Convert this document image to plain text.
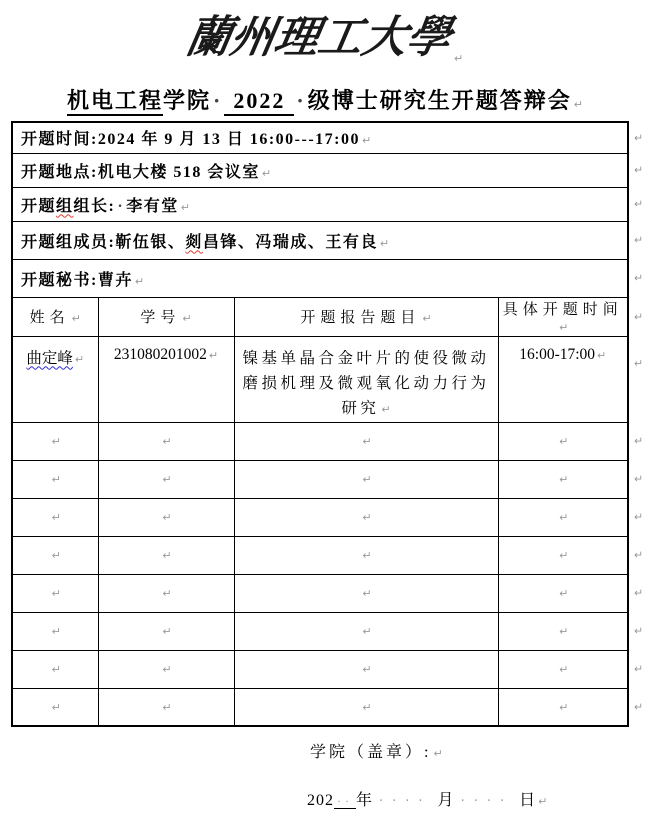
蘭州理工大學
↵
机电工程学院· 2022 ·级博士研究生开题答辩会 ↵
开题时间:2024 年 9 月 13 日 16:00---17:00 ↵ ↵			

开题地点:机电大楼 518 会议室 ↵ ↵			

开题组组长: · 李有堂 ↵ ↵			

开题组成员:靳伍银、剡昌锋、冯瑞成、王有良 ↵ ↵			

开题秘书:曹卉 ↵ ↵			

姓名 ↵	学号 ↵	开题报告题目 ↵	具体开题时间↵
↵

曲定峰 ↵	231080201002 ↵	镍基单晶合金叶片的使役微动磨损机理及微观氧化动力行为研究 ↵	16:00-17:00 ↵
↵

↵	↵	↵	↵ ↵

↵	↵	↵	↵ ↵

↵	↵	↵	↵ ↵

↵	↵	↵	↵ ↵

↵	↵	↵	↵ ↵

↵	↵	↵	↵ ↵

↵	↵	↵	↵ ↵

↵	↵	↵	↵ ↵
学院（盖章）: ↵
202 ·· 年 ···· 月 ···· 日 ↵
